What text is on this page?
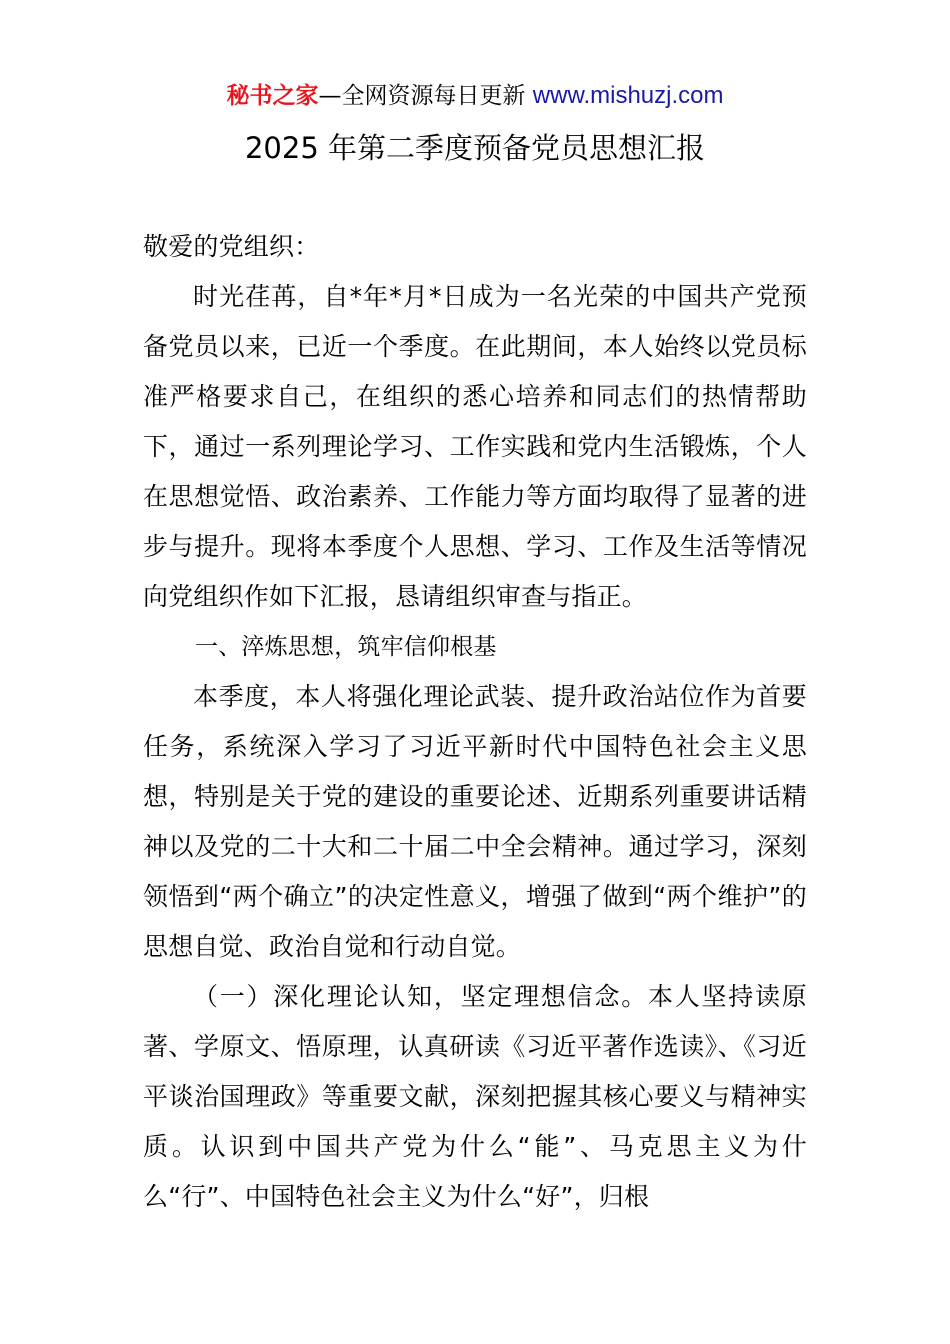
秘书之家—全网资源每日更新 www.mishuzj.com
2025 年第二季度预备党员思想汇报

敬爱的党组织：

时光荏苒，自*年*月*日成为一名光荣的中国共产党预备党员以来，已近一个季度。在此期间，本人始终以党员标准严格要求自己，在组织的悉心培养和同志们的热情帮助下，通过一系列理论学习、工作实践和党内生活锻炼，个人在思想觉悟、政治素养、工作能力等方面均取得了显著的进步与提升。现将本季度个人思想、学习、工作及生活等情况向党组织作如下汇报，恳请组织审查与指正。

一、淬炼思想，筑牢信仰根基

本季度，本人将强化理论武装、提升政治站位作为首要任务，系统深入学习了习近平新时代中国特色社会主义思想，特别是关于党的建设的重要论述、近期系列重要讲话精神以及党的二十大和二十届二中全会精神。通过学习，深刻领悟到“两个确立”的决定性意义，增强了做到“两个维护”的思想自觉、政治自觉和行动自觉。

（一）深化理论认知，坚定理想信念。本人坚持读原著、学原文、悟原理，认真研读《习近平著作选读》、《习近平谈治国理政》等重要文献，深刻把握其核心要义与精神实质。认识到中国共产党为什么“能”、马克思主义为什么“行”、中国特色社会主义为什么“好”，归根
